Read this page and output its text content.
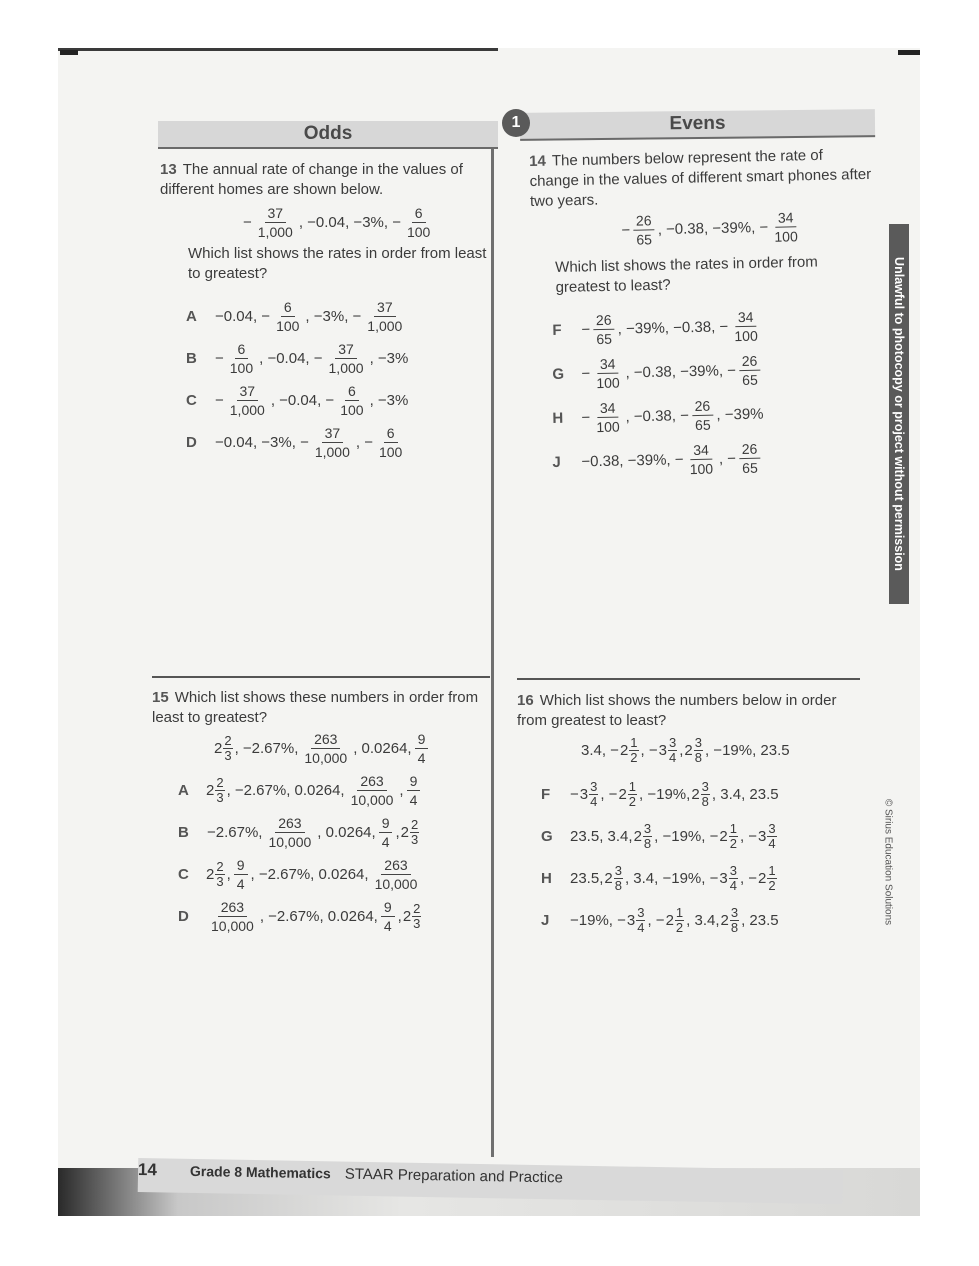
Odds	Evens
1
13 The annual rate of change in the values of different homes are shown below.
− $\frac{37}{1,000}$ , −0.04, −3%, − $\frac{6}{100}$
Which list shows the rates in order from least to greatest?
A	−0.04, − $\frac{6}{100}$ , −3%, − $\frac{37}{1,000}$
B	− $\frac{6}{100}$ , −0.04, − $\frac{37}{1,000}$ , −3%
C	− $\frac{37}{1,000}$ , −0.04, − $\frac{6}{100}$ , −3%
D	−0.04, −3%, − $\frac{37}{1,000}$ , − $\frac{6}{100}$
14 The numbers below represent the rate of change in the values of different smart phones after two years.
− $\frac{26}{65}$ , −0.38, −39%, − $\frac{34}{100}$
Which list shows the rates in order from greatest to least?
F	− $\frac{26}{65}$ , −39%, −0.38, − $\frac{34}{100}$
G	− $\frac{34}{100}$ , −0.38, −39%, − $\frac{26}{65}$
H	− $\frac{34}{100}$ , −0.38, − $\frac{26}{65}$ , −39%
J	−0.38, −39%, − $\frac{34}{100}$ , − $\frac{26}{65}$
15 Which list shows these numbers in order from least to greatest?
$2 \frac{2}{3}$ , −2.67%, $\frac{263}{10,000}$ , 0.0264, $\frac{9}{4}$
A	$2 \frac{2}{3}$ , −2.67%, 0.0264, $\frac{263}{10,000}$ , $\frac{9}{4}$
B	−2.67%, $\frac{263}{10,000}$ , 0.0264, $\frac{9}{4}$ , $2 \frac{2}{3}$
C	$2 \frac{2}{3}$ , $\frac{9}{4}$ , −2.67%, 0.0264, $\frac{263}{10,000}$
D	$\frac{263}{10,000}$ , −2.67%, 0.0264, $\frac{9}{4}$ , $2 \frac{2}{3}$
16 Which list shows the numbers below in order from greatest to least?
3.4, − $2 \frac{1}{2}$ , − $3 \frac{3}{4}$ , $2 \frac{3}{8}$ , −19%, 23.5
F	− $3 \frac{3}{4}$ , − $2 \frac{1}{2}$ , −19%, $2 \frac{3}{8}$ , 3.4, 23.5
G	23.5, 3.4, $2 \frac{3}{8}$ , −19%, − $2 \frac{1}{2}$ , − $3 \frac{3}{4}$
H	23.5, $2 \frac{3}{8}$ , 3.4, −19%, − $3 \frac{3}{4}$ , − $2 \frac{1}{2}$
J	−19%, − $3 \frac{3}{4}$ , − $2 \frac{1}{2}$ , 3.4, $2 \frac{3}{8}$ , 23.5
Unlawful to photocopy or project without permission
© Sirius Education Solutions
14	Grade 8 Mathematics STAAR Preparation and Practice
